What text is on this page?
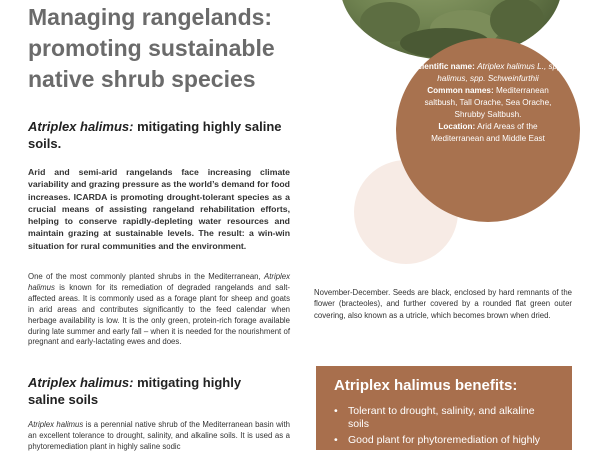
Managing rangelands:
promoting sustainable
native shrub species
Atriplex halimus: mitigating highly saline
soils.
Arid and semi-arid rangelands face increasing climate variability and grazing pressure as the world’s demand for food increases. ICARDA is promoting drought-tolerant species as a crucial means of assisting rangeland rehabilitation efforts, helping to conserve rapidly-depleting water resources and maintain grazing at sustainable levels. The result: a win-win situation for rural communities and the environment.
One of the most commonly planted shrubs in the Mediterranean, Atriplex halimus is known for its remediation of degraded rangelands and salt-affected areas. It is commonly used as a forage plant for sheep and goats in arid areas and contributes significantly to the feed calendar when herbage availability is low. It is the only green, protein-rich forage available during late summer and early fall – when it is needed for the nourishment of pregnant and early-lactating ewes and does.
Atriplex halimus: mitigating highly
saline soils
Atriplex halimus is a perennial native shrub of the Mediterranean basin with an excellent tolerance to drought, salinity, and alkaline soils. It is used as a phytoremediation plant in highly saline sodic

Scientific name: Atriplex halimus L., spp. halimus, spp. Schweinfurthii

Common names: Mediterranean saltbush, Tall Orache, Sea Orache, Shrubby Saltbush.

Location: Arid Areas of the Mediterranean and Middle East

November-December. Seeds are black, enclosed by hard remnants of the flower (bracteoles), and further covered by a rounded flat green outer covering, also known as a utricle, which becomes brown when dried.
Atriplex halimus benefits:
• Tolerant to drought, salinity, and alkaline soils
• Good plant for phytoremediation of highly
